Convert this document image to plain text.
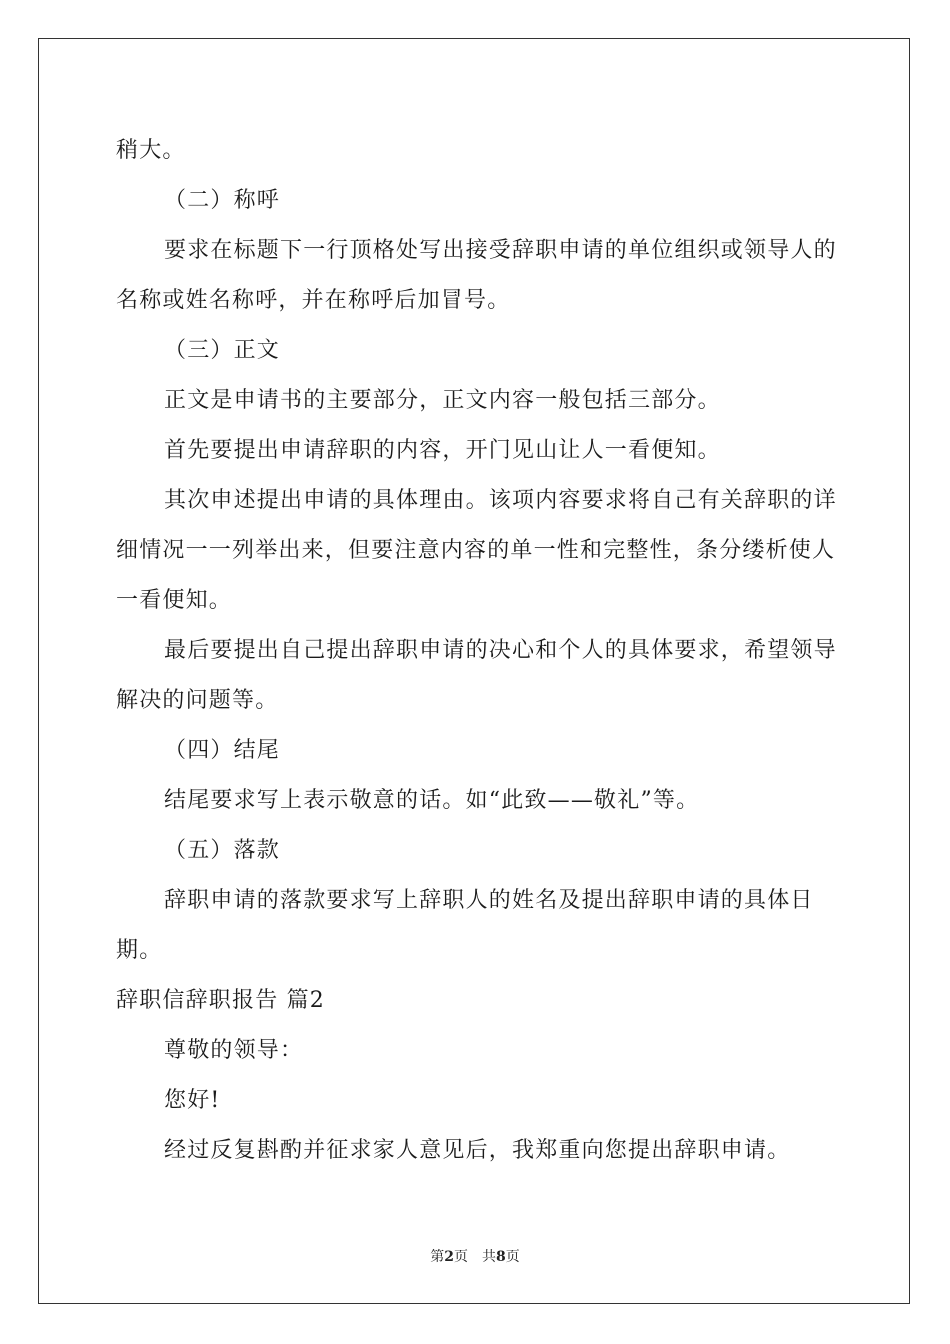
稍大。

（二）称呼

要求在标题下一行顶格处写出接受辞职申请的单位组织或领导人的名称或姓名称呼，并在称呼后加冒号。

（三）正文

正文是申请书的主要部分，正文内容一般包括三部分。

首先要提出申请辞职的内容，开门见山让人一看便知。

其次申述提出申请的具体理由。该项内容要求将自己有关辞职的详细情况一一列举出来，但要注意内容的单一性和完整性，条分缕析使人一看便知。

最后要提出自己提出辞职申请的决心和个人的具体要求，希望领导解决的问题等。

（四）结尾

结尾要求写上表示敬意的话。如“此致——敬礼”等。

（五）落款

辞职申请的落款要求写上辞职人的姓名及提出辞职申请的具体日期。

辞职信辞职报告 篇2

尊敬的领导：

您好!

经过反复斟酌并征求家人意见后，我郑重向您提出辞职申请。

第2页 共8页
